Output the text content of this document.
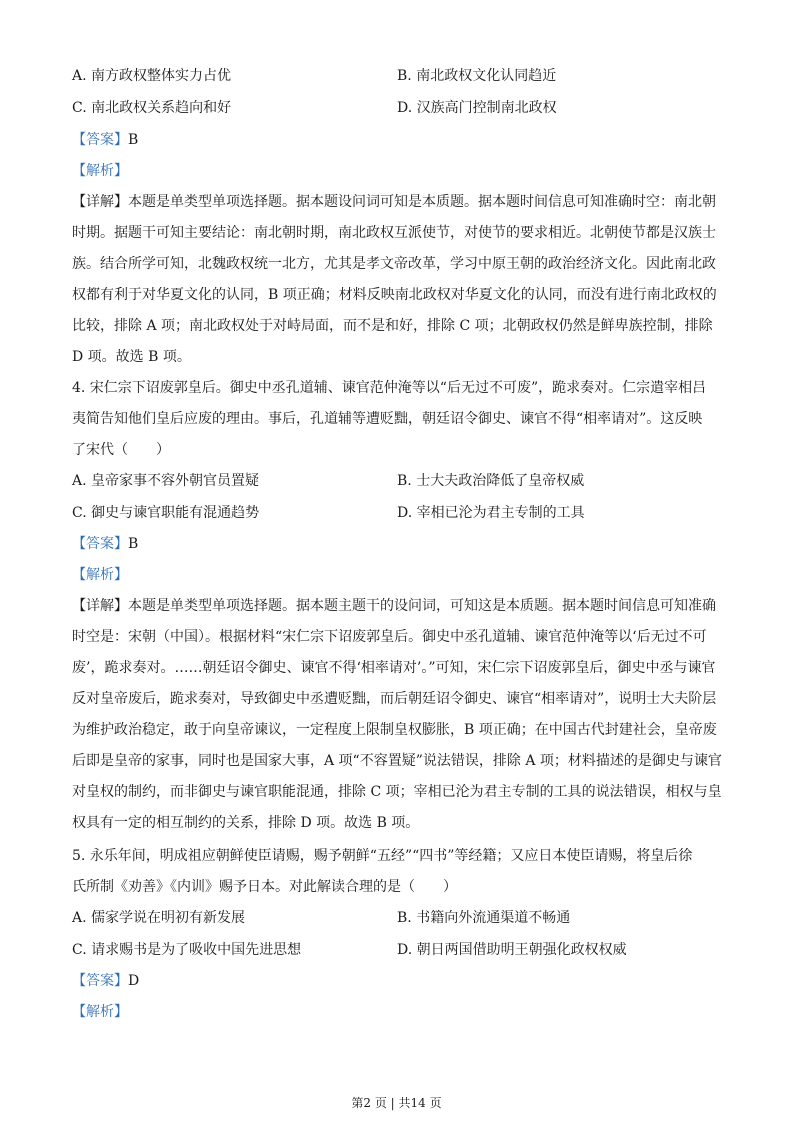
A. 南方政权整体实力占优	B. 南北政权文化认同趋近
C. 南北政权关系趋向和好	D. 汉族高门控制南北政权
【答案】B
【解析】
【详解】本题是单类型单项选择题。据本题设问词可知是本质题。据本题时间信息可知准确时空：南北朝
时期。据题干可知主要结论：南北朝时期，南北政权互派使节，对使节的要求相近。北朝使节都是汉族士
族。结合所学可知，北魏政权统一北方，尤其是孝文帝改革，学习中原王朝的政治经济文化。因此南北政
权都有利于对华夏文化的认同，B 项正确；材料反映南北政权对华夏文化的认同，而没有进行南北政权的
比较，排除 A 项；南北政权处于对峙局面，而不是和好，排除 C 项；北朝政权仍然是鲜卑族控制，排除
D 项。故选 B 项。
4. 宋仁宗下诏废郭皇后。御史中丞孔道辅、谏官范仲淹等以“后无过不可废”，跪求奏对。仁宗遣宰相吕
夷简告知他们皇后应废的理由。事后，孔道辅等遭贬黜，朝廷诏令御史、谏官不得“相率请对”。这反映
了宋代（　　）
A. 皇帝家事不容外朝官员置疑	B. 士大夫政治降低了皇帝权威
C. 御史与谏官职能有混通趋势	D. 宰相已沦为君主专制的工具
【答案】B
【解析】
【详解】本题是单类型单项选择题。据本题主题干的设问词，可知这是本质题。据本题时间信息可知准确
时空是：宋朝（中国）。根据材料“宋仁宗下诏废郭皇后。御史中丞孔道辅、谏官范仲淹等以‘后无过不可
废’，跪求奏对。……朝廷诏令御史、谏官不得‘相率请对’。”可知，宋仁宗下诏废郭皇后，御史中丞与谏官
反对皇帝废后，跪求奏对，导致御史中丞遭贬黜，而后朝廷诏令御史、谏官“相率请对”，说明士大夫阶层
为维护政治稳定，敢于向皇帝谏议，一定程度上限制皇权膨胀，B 项正确；在中国古代封建社会，皇帝废
后即是皇帝的家事，同时也是国家大事，A 项“不容置疑”说法错误，排除 A 项；材料描述的是御史与谏官
对皇权的制约，而非御史与谏官职能混通，排除 C 项；宰相已沦为君主专制的工具的说法错误，相权与皇
权具有一定的相互制约的关系，排除 D 项。故选 B 项。
5. 永乐年间，明成祖应朝鲜使臣请赐，赐予朝鲜“五经”“四书”等经籍；又应日本使臣请赐，将皇后徐
氏所制《劝善》《内训》赐予日本。对此解读合理的是（　　）
A. 儒家学说在明初有新发展	B. 书籍向外流通渠道不畅通
C. 请求赐书是为了吸收中国先进思想	D. 朝日两国借助明王朝强化政权权威
【答案】D
【解析】
第2 页 | 共14 页
